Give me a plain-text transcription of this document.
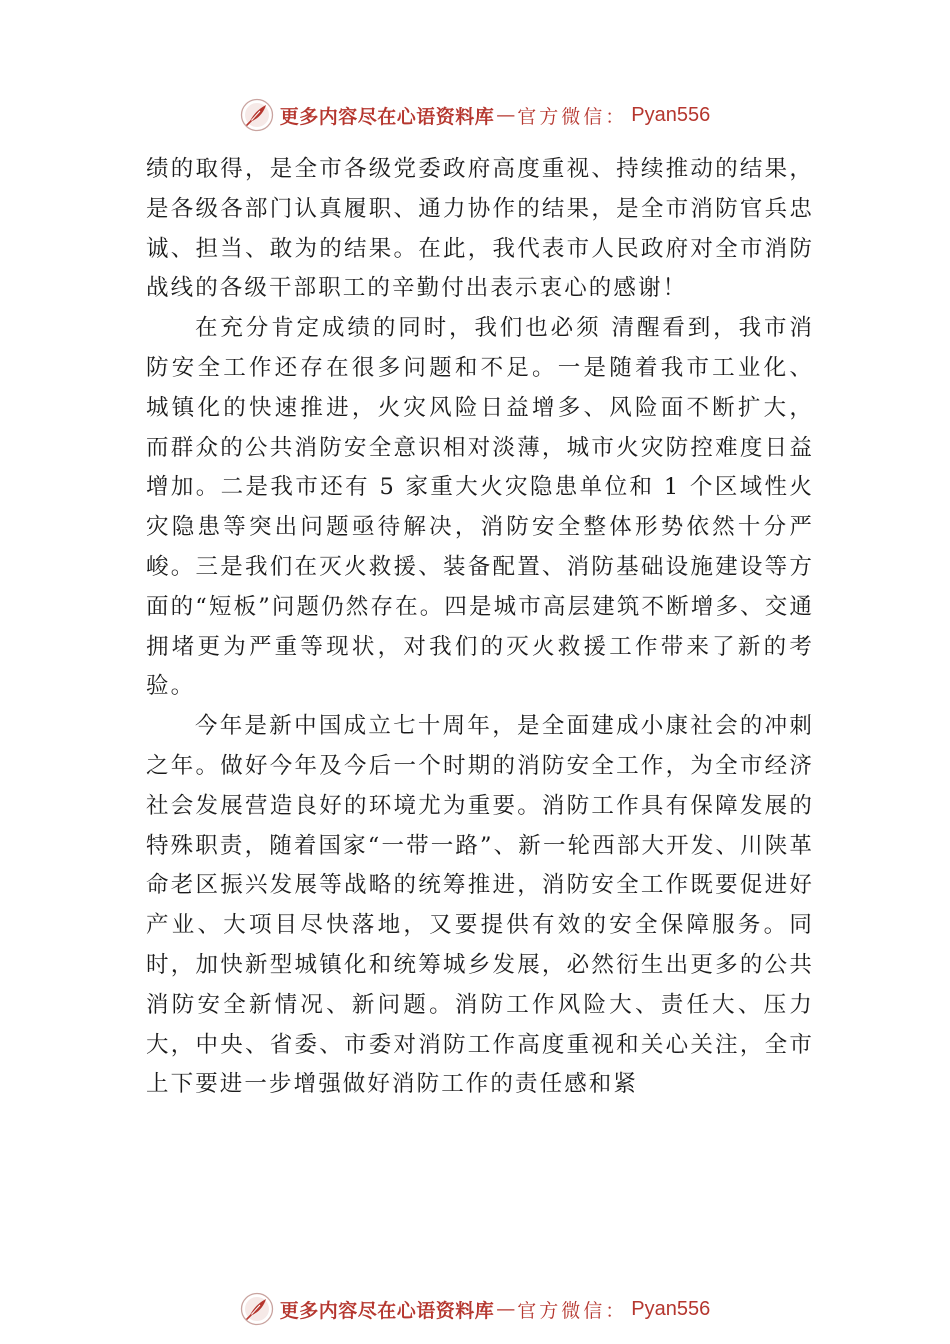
更多内容尽在心语资料库 — 官方微信： Pyan556

绩的取得，是全市各级党委政府高度重视、持续推动的结果，是各级各部门认真履职、通力协作的结果，是全市消防官兵忠诚、担当、敢为的结果。在此，我代表市人民政府对全市消防战线的各级干部职工的辛勤付出表示衷心的感谢！

在充分肯定成绩的同时，我们也必须 清醒看到，我市消防安全工作还存在很多问题和不足。一是随着我市工业化、 城镇化的快速推进，火灾风险日益增多、风险面不断扩大， 而群众的公共消防安全意识相对淡薄，城市火灾防控难度日益增加。二是我市还有 5 家重大火灾隐患单位和 1 个区域性火灾隐患等突出问题亟待解决，消防安全整体形势依然十分严峻。三是我们在灭火救援、装备配置、消防基础设施建设等方面的“短板”问题仍然存在。四是城市高层建筑不断增多、交通拥堵更为严重等现状，对我们的灭火救援工作带来了新的考验。

今年是新中国成立七十周年，是全面建成小康社会的冲刺之年。做好今年及今后一个时期的消防安全工作，为全市经济社会发展营造良好的环境尤为重要。消防工作具有保障发展的特殊职责，随着国家“一带一路”、新一轮西部大开发、川陕革命老区振兴发展等战略的统筹推进，消防安全工作既要促进好产业、大项目尽快落地，又要提供有效的安全保障服务。同时，加快新型城镇化和统筹城乡发展，必然衍生出更多的公共消防安全新情况、新问题。消防工作风险大、责任大、压力大，中央、省委、市委对消防工作高度重视和关心关注，全市上下要进一步增强做好消防工作的责任感和紧

更多内容尽在心语资料库 — 官方微信： Pyan556
